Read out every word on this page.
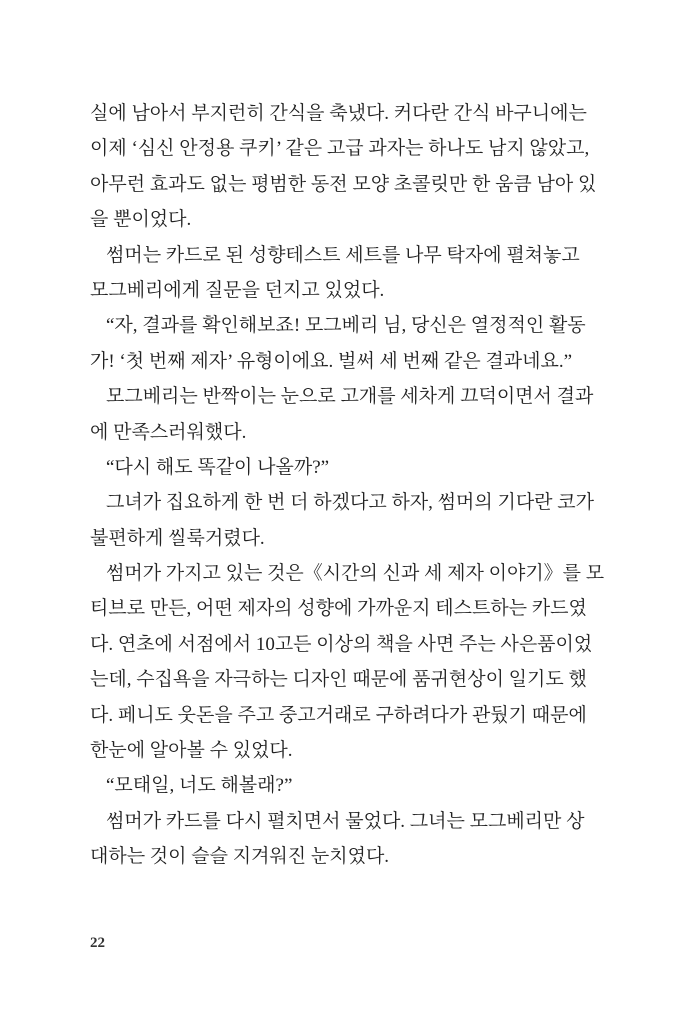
실에 남아서 부지런히 간식을 축냈다. 커다란 간식 바구니에는
이제 ‘심신 안정용 쿠키’ 같은 고급 과자는 하나도 남지 않았고,
아무런 효과도 없는 평범한 동전 모양 초콜릿만 한 움큼 남아 있
을 뿐이었다.
썸머는 카드로 된 성향테스트 세트를 나무 탁자에 펼쳐놓고
모그베리에게 질문을 던지고 있었다.
“자, 결과를 확인해보죠! 모그베리 님, 당신은 열정적인 활동
가! ‘첫 번째 제자’ 유형이에요. 벌써 세 번째 같은 결과네요.”
모그베리는 반짝이는 눈으로 고개를 세차게 끄덕이면서 결과
에 만족스러워했다.
“다시 해도 똑같이 나올까?”
그녀가 집요하게 한 번 더 하겠다고 하자, 썸머의 기다란 코가
불편하게 씰룩거렸다.
썸머가 가지고 있는 것은《시간의 신과 세 제자 이야기》를 모
티브로 만든, 어떤 제자의 성향에 가까운지 테스트하는 카드였
다. 연초에 서점에서 10고든 이상의 책을 사면 주는 사은품이었
는데, 수집욕을 자극하는 디자인 때문에 품귀현상이 일기도 했
다. 페니도 웃돈을 주고 중고거래로 구하려다가 관뒀기 때문에
한눈에 알아볼 수 있었다.
“모태일, 너도 해볼래?”
썸머가 카드를 다시 펼치면서 물었다. 그녀는 모그베리만 상
대하는 것이 슬슬 지겨워진 눈치였다.
22
